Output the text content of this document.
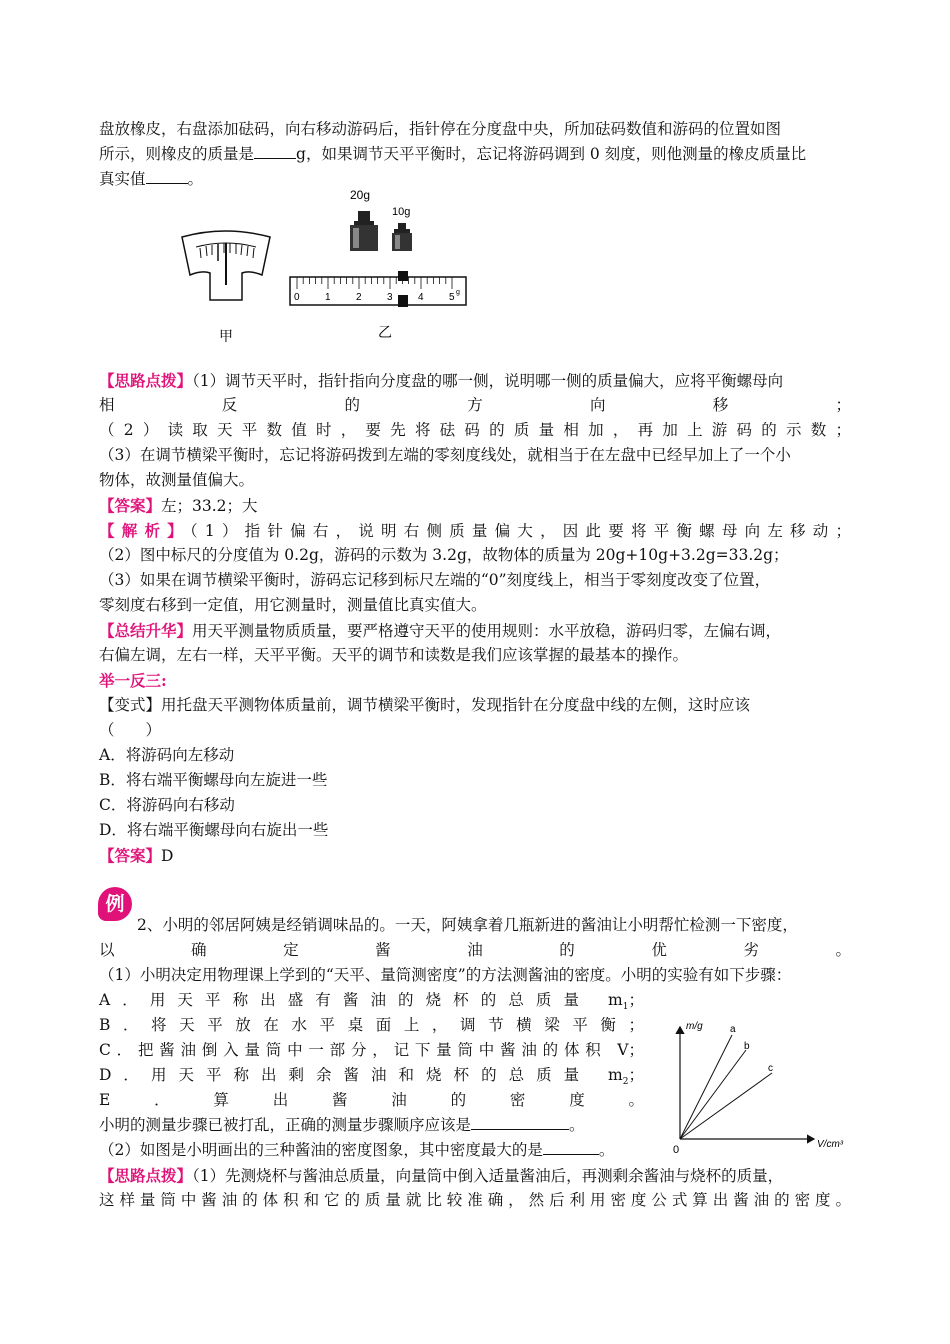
盘放橡皮，右盘添加砝码，向右移动游码后，指针停在分度盘中央，所加砝码数值和游码的位置如图
所示，则橡皮的质量是	g，如果调节天平平衡时，忘记将游码调到 0 刻度，则他测量的橡皮质量比
真实值	。
甲
20g
10g
0	1	2	3	4	5 g
乙
【思路点拨】（1）调节天平时，指针指向分度盘的哪一侧，说明哪一侧的质量偏大，应将平衡螺母向
相反的方向移；
（2）读取天平数值时，要先将砝码的质量相加，再加上游码的示数；
（3）在调节横梁平衡时，忘记将游码拨到左端的零刻度线处，就相当于在左盘中已经早加上了一个小
物体，故测量值偏大。
【答案】左；33.2；大
【解析】（1）指针偏右，说明右侧质量偏大，因此要将平衡螺母向左移动；
（2）图中标尺的分度值为 0.2g，游码的示数为 3.2g，故物体的质量为 20g+10g+3.2g=33.2g；
（3）如果在调节横梁平衡时，游码忘记移到标尺左端的“0”刻度线上，相当于零刻度改变了位置，
零刻度右移到一定值，用它测量时，测量值比真实值大。
【总结升华】用天平测量物质质量，要严格遵守天平的使用规则：水平放稳，游码归零，左偏右调，
右偏左调，左右一样，天平平衡。天平的调节和读数是我们应该掌握的最基本的操作。
举一反三:
【变式】用托盘天平测物体质量前，调节横梁平衡时，发现指针在分度盘中线的左侧，这时应该
（　　）
A．将游码向左移动
B．将右端平衡螺母向左旋进一些
C．将游码向右移动
D．将右端平衡螺母向右旋出一些
【答案】D
例
2、小明的邻居阿姨是经销调味品的。一天，阿姨拿着几瓶新进的酱油让小明帮忙检测一下密度，
以确定酱油的优劣。
（1）小明决定用物理课上学到的“天平、量筒测密度”的方法测酱油的密度。小明的实验有如下步骤：
A．用天平称出盛有酱油的烧杯的总质量 $m_1$；
B．将天平放在水平桌面上，调节横梁平衡；
C．把酱油倒入量筒中一部分，记下量筒中酱油的体积 V；
D．用天平称出剩余酱油和烧杯的总质量 $m_2$；
E．算出酱油的密度。
小明的测量步骤已被打乱，正确的测量步骤顺序应该是	。
（2）如图是小明画出的三种酱油的密度图象，其中密度最大的是	。
m/g
V/cm³
0
a
b
c
【思路点拨】（1）先测烧杯与酱油总质量，向量筒中倒入适量酱油后，再测剩余酱油与烧杯的质量，
这样量筒中酱油的体积和它的质量就比较准确，然后利用密度公式算出酱油的密度。
